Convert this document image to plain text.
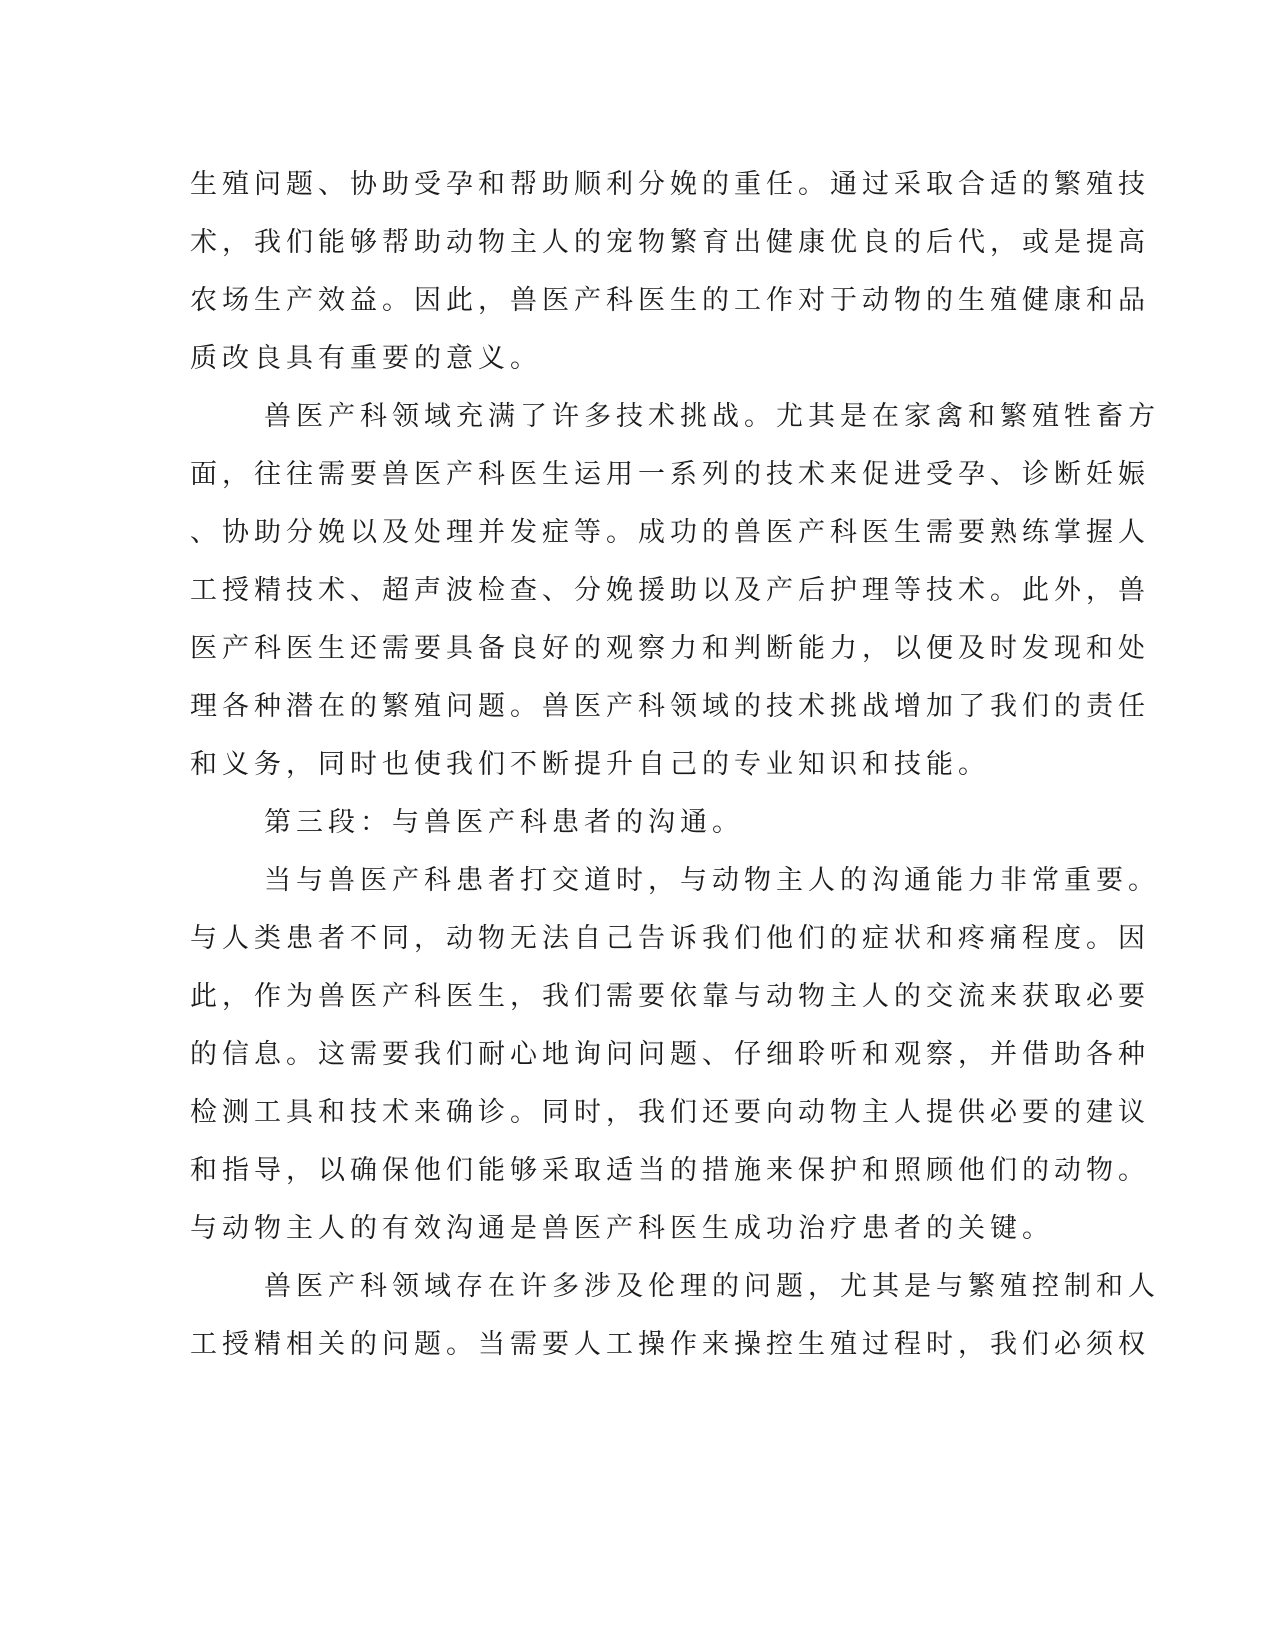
生殖问题、协助受孕和帮助顺利分娩的重任。通过采取合适的繁殖技
术，我们能够帮助动物主人的宠物繁育出健康优良的后代，或是提高
农场生产效益。因此，兽医产科医生的工作对于动物的生殖健康和品
质改良具有重要的意义。
兽医产科领域充满了许多技术挑战。尤其是在家禽和繁殖牲畜方
面，往往需要兽医产科医生运用一系列的技术来促进受孕、诊断妊娠
、协助分娩以及处理并发症等。成功的兽医产科医生需要熟练掌握人
工授精技术、超声波检查、分娩援助以及产后护理等技术。此外，兽
医产科医生还需要具备良好的观察力和判断能力，以便及时发现和处
理各种潜在的繁殖问题。兽医产科领域的技术挑战增加了我们的责任
和义务，同时也使我们不断提升自己的专业知识和技能。
第三段：与兽医产科患者的沟通。
当与兽医产科患者打交道时，与动物主人的沟通能力非常重要。
与人类患者不同，动物无法自己告诉我们他们的症状和疼痛程度。因
此，作为兽医产科医生，我们需要依靠与动物主人的交流来获取必要
的信息。这需要我们耐心地询问问题、仔细聆听和观察，并借助各种
检测工具和技术来确诊。同时，我们还要向动物主人提供必要的建议
和指导，以确保他们能够采取适当的措施来保护和照顾他们的动物。
与动物主人的有效沟通是兽医产科医生成功治疗患者的关键。
兽医产科领域存在许多涉及伦理的问题，尤其是与繁殖控制和人
工授精相关的问题。当需要人工操作来操控生殖过程时，我们必须权
